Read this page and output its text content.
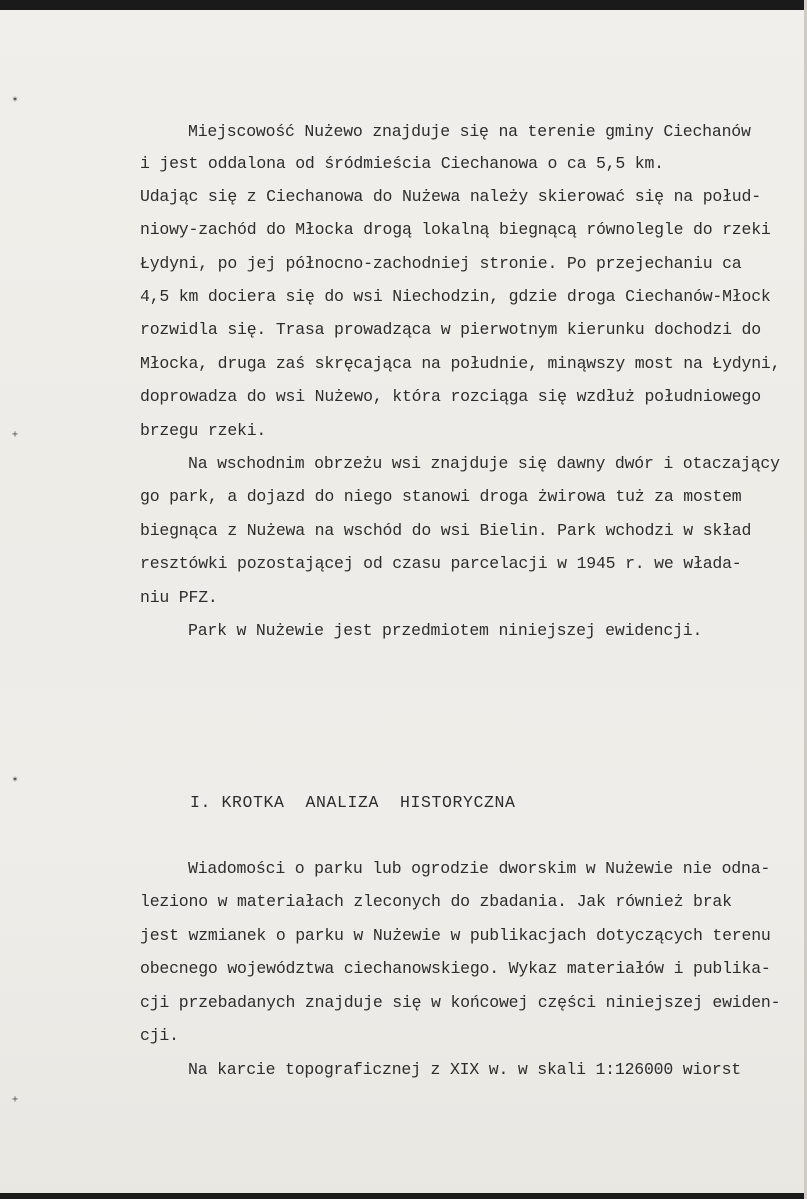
✶
+
✶
+
Miejscowość Nużewo znajduje się na terenie gminy Ciechanów
i jest oddalona od śródmieścia Ciechanowa o ca 5,5 km.
Udając się z Ciechanowa do Nużewa należy skierować się na połud-
niowy-zachód do Młocka drogą lokalną biegnącą równolegle do rzeki
Łydyni, po jej północno-zachodniej stronie. Po przejechaniu ca
4,5 km dociera się do wsi Niechodzin, gdzie droga Ciechanów-Młock
rozwidla się. Trasa prowadząca w pierwotnym kierunku dochodzi do
Młocka, druga zaś skręcająca na południe, minąwszy most na Łydyni,
doprowadza do wsi Nużewo, która rozciąga się wzdłuż południowego
brzegu rzeki.
Na wschodnim obrzeżu wsi znajduje się dawny dwór i otaczający
go park, a dojazd do niego stanowi droga żwirowa tuż za mostem
biegnąca z Nużewa na wschód do wsi Bielin. Park wchodzi w skład
resztówki pozostającej od czasu parcelacji w 1945 r. we władа-
niu PFZ.
Park w Nużewie jest przedmiotem niniejszej ewidencji.
I. KROTKA  ANALIZA  HISTORYCZNA
Wiadomości o parku lub ogrodzie dworskim w Nużewie nie odna-
leziono w materiałach zleconych do zbadania. Jak również brak
jest wzmianek o parku w Nużewie w publikacjach dotyczących terenu
obecnego województwa ciechanowskiego. Wykaz materiałów i publika-
cji przebadanych znajduje się w końcowej części niniejszej ewiden-
cji.
Na karcie topograficznej z XIX w. w skali 1:126000 wiorst
